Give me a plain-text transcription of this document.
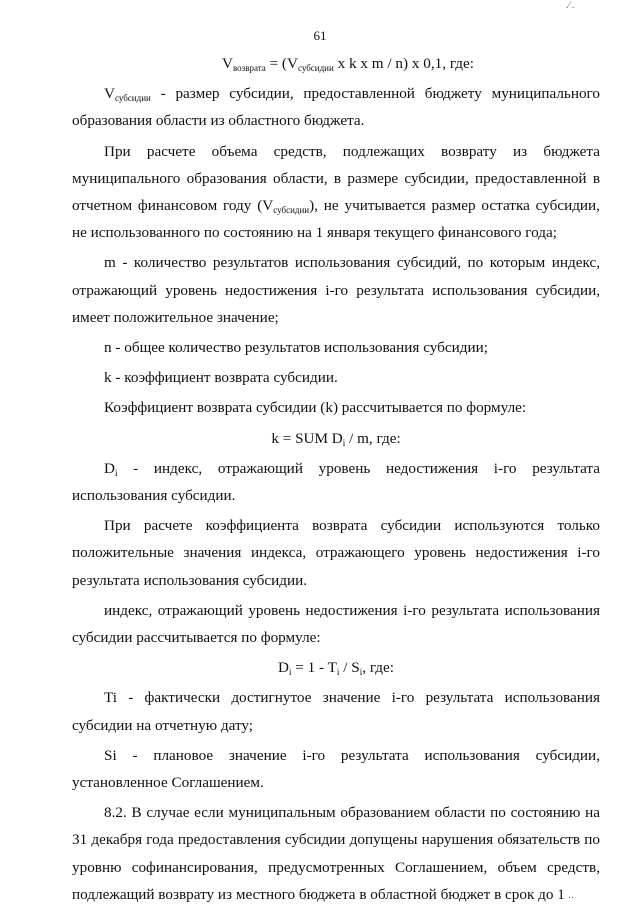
61
.⁄ .
‥

$V_{возврата} = (V_{субсидии}$ x k x m / n) x 0,1, где:

$V_{субсидии}$ - размер субсидии, предоставленной бюджету муниципального образования области из областного бюджета.

При расчете объема средств, подлежащих возврату из бюджета муниципального образования области, в размере субсидии, предоставленной в отчетном финансовом году $(V_{субсидии})$, не учитывается размер остатка субсидии, не использованного по состоянию на 1 января текущего финансового года;

m - количество результатов использования субсидий, по которым индекс, отражающий уровень недостижения i-го результата использования субсидии, имеет положительное значение;

n - общее количество результатов использования субсидии;

k - коэффициент возврата субсидии.

Коэффициент возврата субсидии (k) рассчитывается по формуле:

k = SUM $D_i$ / m, где:

$D_i$ - индекс, отражающий уровень недостижения i-го результата использования субсидии.

При расчете коэффициента возврата субсидии используются только положительные значения индекса, отражающего уровень недостижения i-го результата использования субсидии.

индекс, отражающий уровень недостижения i-го результата использования субсидии рассчитывается по формуле:

$D_i = 1 - T_i / S_i$, где:

Ti - фактически достигнутое значение i-го результата использования субсидии на отчетную дату;

Si - плановое значение i-го результата использования субсидии, установленное Соглашением.

8.2. В случае если муниципальным образованием области по состоянию на 31 декабря года предоставления субсидии допущены нарушения обязательств по уровню софинансирования, предусмотренных Соглашением, объем средств, подлежащий возврату из местного бюджета в областной бюджет в срок до 1
